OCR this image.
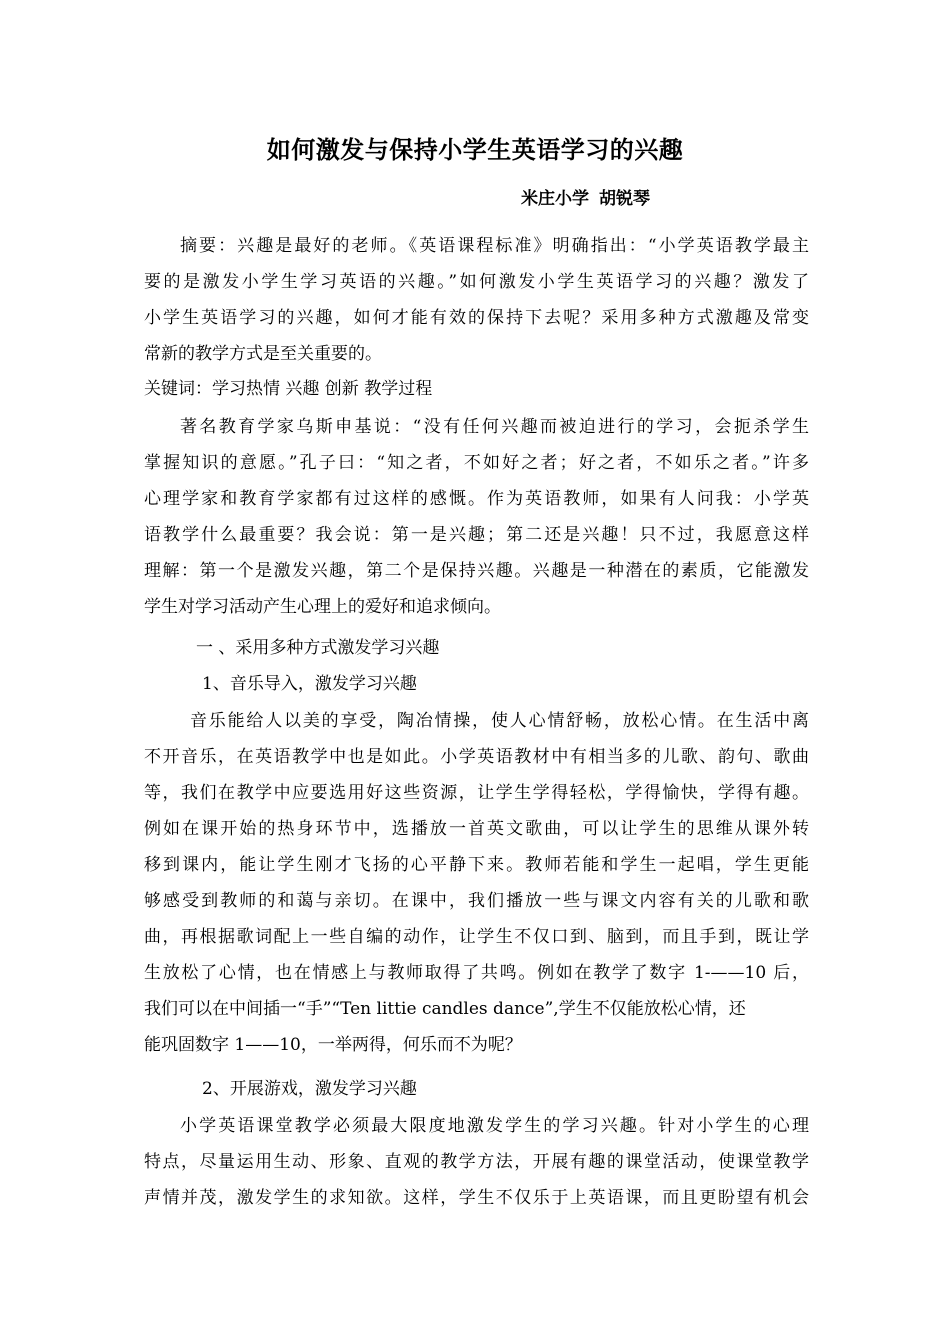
如何激发与保持小学生英语学习的兴趣
米庄小学 胡锐琴
摘要：兴趣是最好的老师。《英语课程标准》明确指出：“小学英语教学最主
要的是激发小学生学习英语的兴趣。”如何激发小学生英语学习的兴趣？激发了
小学生英语学习的兴趣，如何才能有效的保持下去呢？采用多种方式激趣及常变
常新的教学方式是至关重要的。
关键词：学习热情 兴趣 创新 教学过程
著名教育学家乌斯申基说：“没有任何兴趣而被迫进行的学习，会扼杀学生
掌握知识的意愿。”孔子曰：“知之者，不如好之者；好之者，不如乐之者。”许多
心理学家和教育学家都有过这样的感慨。作为英语教师，如果有人问我：小学英
语教学什么最重要？我会说：第一是兴趣；第二还是兴趣！只不过，我愿意这样
理解：第一个是激发兴趣，第二个是保持兴趣。兴趣是一种潜在的素质，它能激发
学生对学习活动产生心理上的爱好和追求倾向。
一 、采用多种方式激发学习兴趣
1、音乐导入，激发学习兴趣
音乐能给人以美的享受，陶冶情操，使人心情舒畅，放松心情。在生活中离
不开音乐，在英语教学中也是如此。小学英语教材中有相当多的儿歌、韵句、歌曲
等，我们在教学中应要选用好这些资源，让学生学得轻松，学得愉快，学得有趣。
例如在课开始的热身环节中，选播放一首英文歌曲，可以让学生的思维从课外转
移到课内，能让学生刚才飞扬的心平静下来。教师若能和学生一起唱，学生更能
够感受到教师的和蔼与亲切。在课中，我们播放一些与课文内容有关的儿歌和歌
曲，再根据歌词配上一些自编的动作，让学生不仅口到、脑到，而且手到，既让学
生放松了心情，也在情感上与教师取得了共鸣。例如在教学了数字 1-——10 后，
我们可以在中间插一“手”“Ten littie candles dance”,学生不仅能放松心情，还
能巩固数字 1——10，一举两得，何乐而不为呢？
2、开展游戏，激发学习兴趣
小学英语课堂教学必须最大限度地激发学生的学习兴趣。针对小学生的心理
特点，尽量运用生动、形象、直观的教学方法，开展有趣的课堂活动，使课堂教学
声情并茂，激发学生的求知欲。这样，学生不仅乐于上英语课，而且更盼望有机会
